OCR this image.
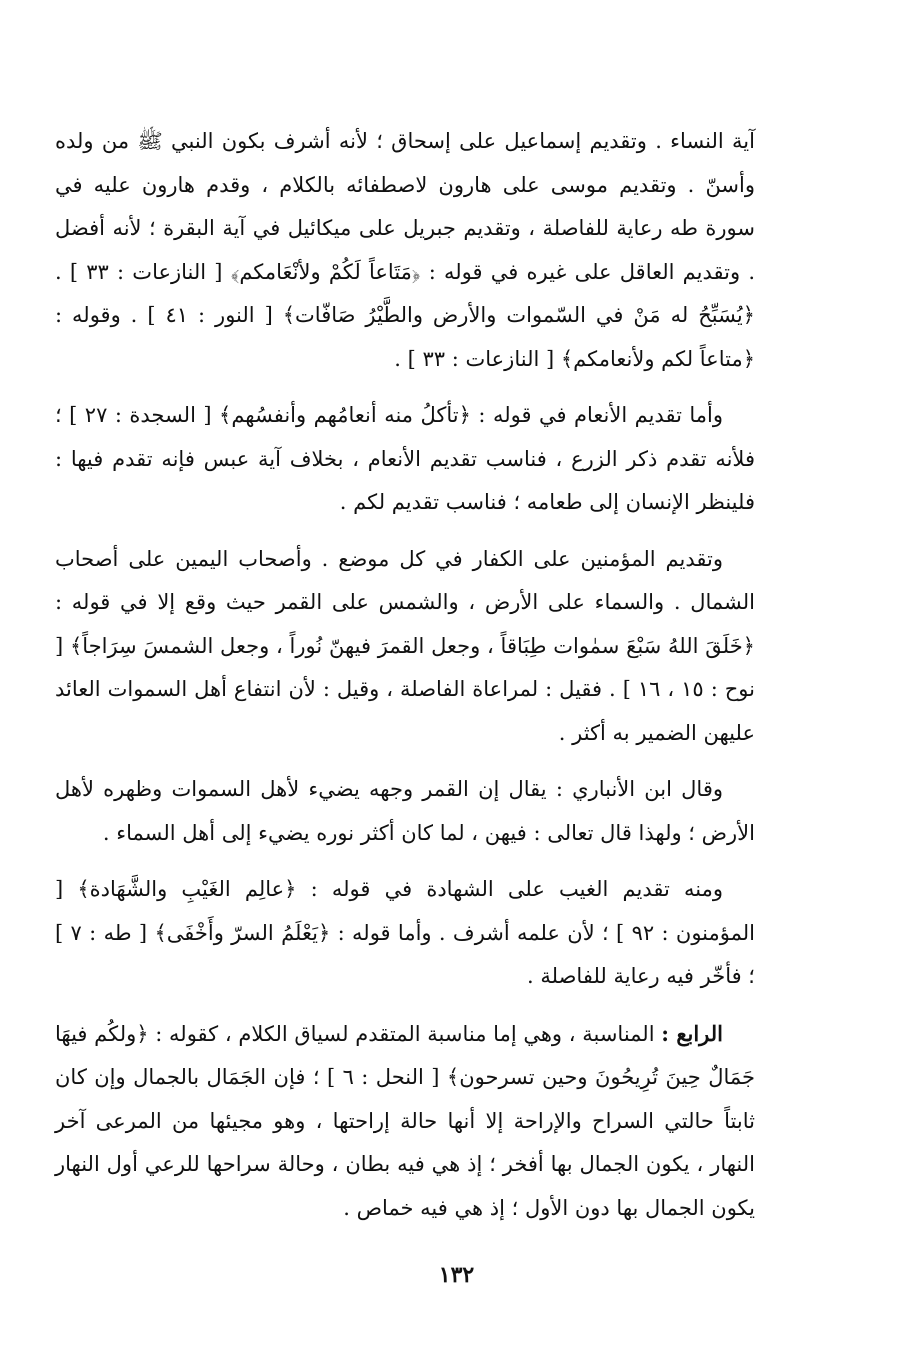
آية النساء . وتقديم إسماعيل على إسحاق ؛ لأنه أشرف بكون النبي ﷺ من ولده وأسنّ . وتقديم موسى على هارون لاصطفائه بالكلام ، وقدم هارون عليه في سورة طه رعاية للفاصلة ، وتقديم جبريل على ميكائيل في آية البقرة ؛ لأنه أفضل . وتقديم العاقل على غيره في قوله : ﴿مَتَاعاً لَكُمْ ولأنْعَامكم﴾ [ النازعات : ٣٣ ] . ﴿يُسَبِّحُ له مَنْ في السّموات والأرض والطَّيْرُ صَافّات﴾ [ النور : ٤١ ] . وقوله : ﴿متاعاً لكم ولأنعامكم﴾ [ النازعات : ٣٣ ] .

وأما تقديم الأنعام في قوله : ﴿تأكلُ منه أنعامُهم وأنفسُهم﴾ [ السجدة : ٢٧ ] ؛ فلأنه تقدم ذكر الزرع ، فناسب تقديم الأنعام ، بخلاف آية عبس فإنه تقدم فيها : فلينظر الإنسان إلى طعامه ؛ فناسب تقديم لكم .

وتقديم المؤمنين على الكفار في كل موضع . وأصحاب اليمين على أصحاب الشمال . والسماء على الأرض ، والشمس على القمر حيث وقع إلا في قوله : ﴿خَلَقَ اللهُ سَبْعَ سمٰوات طِبَاقاً ، وجعل القمرَ فيهنّ نُوراً ، وجعل الشمسَ سِرَاجاً﴾ [ نوح : ١٥ ، ١٦ ] . فقيل : لمراعاة الفاصلة ، وقيل : لأن انتفاع أهل السموات العائد عليهن الضمير به أكثر .

وقال ابن الأنباري : يقال إن القمر وجهه يضيء لأهل السموات وظهره لأهل الأرض ؛ ولهذا قال تعالى : فيهن ، لما كان أكثر نوره يضيء إلى أهل السماء .

ومنه تقديم الغيب على الشهادة في قوله : ﴿عالِم الغَيْبِ والشَّهَادة﴾ [ المؤمنون : ٩٢ ] ؛ لأن علمه أشرف . وأما قوله : ﴿يَعْلَمُ السرّ وأَخْفَى﴾ [ طه : ٧ ] ؛ فأخّر فيه رعاية للفاصلة .

الرابع : المناسبة ، وهي إما مناسبة المتقدم لسياق الكلام ، كقوله : ﴿ولكُم فيهَا جَمَالٌ حِينَ تُرِيحُونَ وحين تسرحون﴾ [ النحل : ٦ ] ؛ فإن الجَمَال بالجمال وإن كان ثابتاً حالتي السراح والإراحة إلا أنها حالة إراحتها ، وهو مجيئها من المرعى آخر النهار ، يكون الجمال بها أفخر ؛ إذ هي فيه بطان ، وحالة سراحها للرعي أول النهار يكون الجمال بها دون الأول ؛ إذ هي فيه خماص .

١٣٢
